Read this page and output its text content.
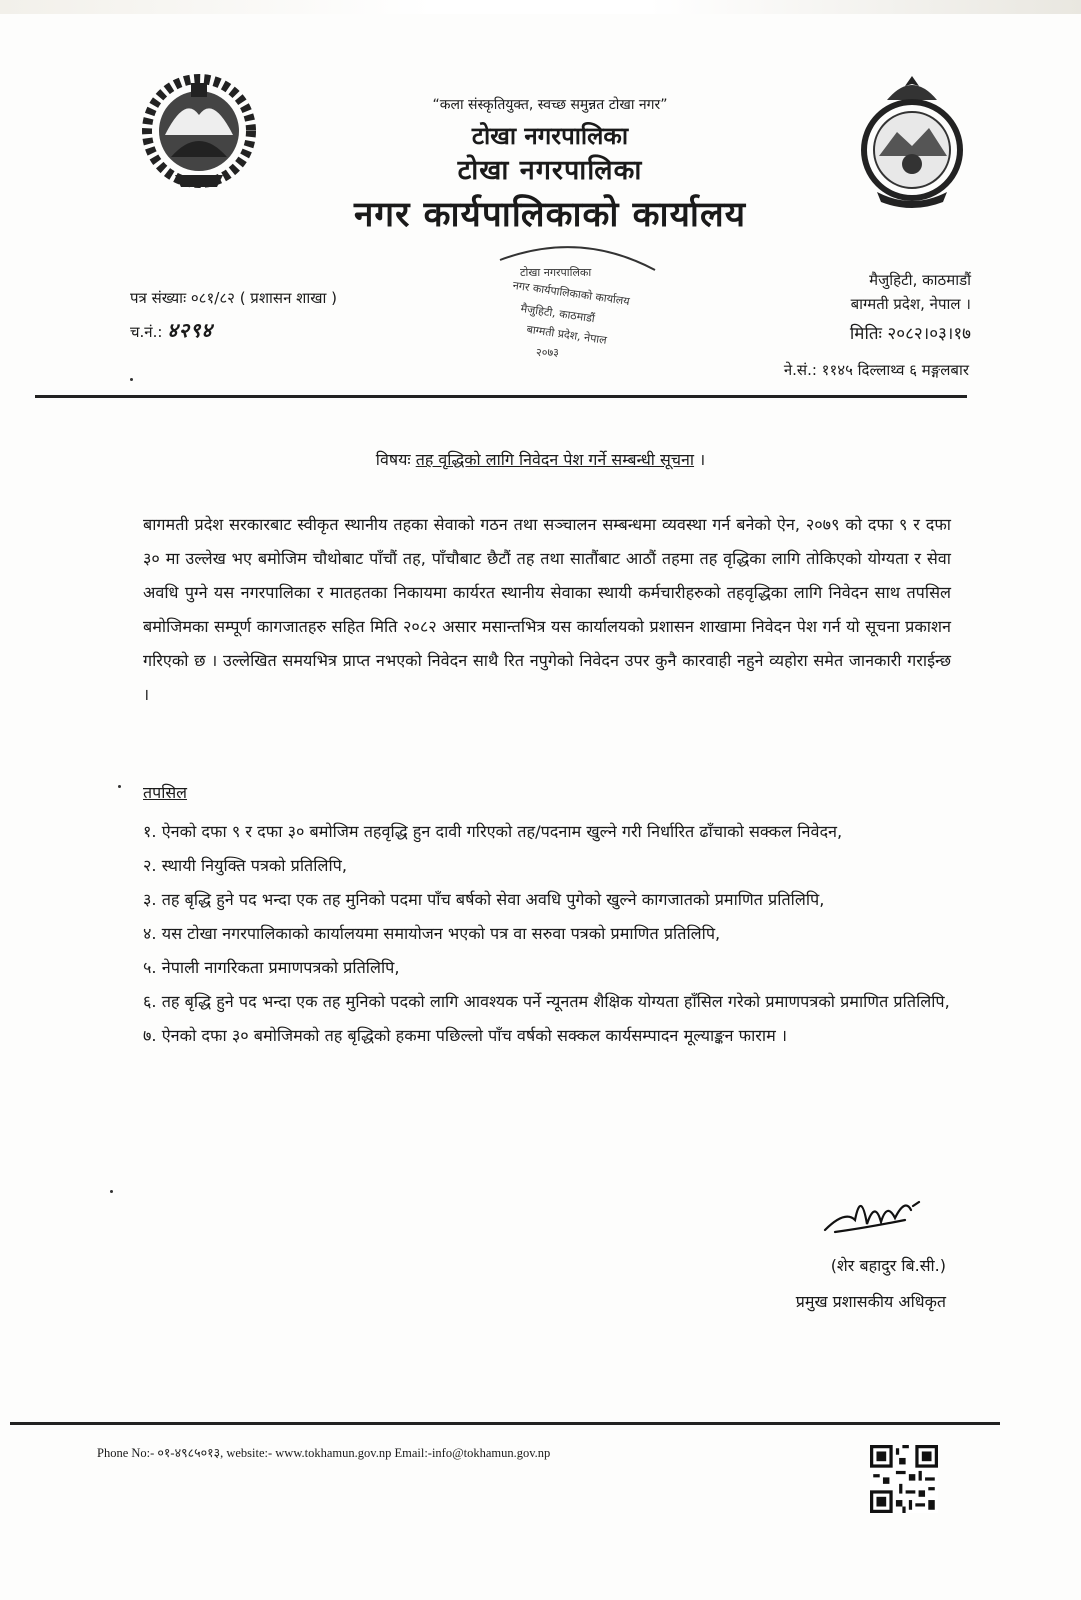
“कला संस्कृतियुक्त, स्वच्छ समुन्नत टोखा नगर”

टोखा नगरपालिका

टोखा नगरपालिका

नगर कार्यपालिकाको कार्यालय

टोखा नगरपालिका
नगर कार्यपालिकाको कार्यालय
मैजुहिटी, काठमाडौं
बाग्मती प्रदेश, नेपाल
२०७३
पत्र संख्याः ०८१/८२ ( प्रशासन शाखा )
च.नं.: ४२९४
मैजुहिटी, काठमाडौं
बाग्मती प्रदेश, नेपाल ।
मितिः २०८२।०३।१७
ने.सं.: ११४५ दिल्लाथ्व ६ मङ्गलबार
विषयः तह वृद्धिको लागि निवेदन पेश गर्ने सम्बन्धी सूचना ।

बागमती प्रदेश सरकारबाट स्वीकृत स्थानीय तहका सेवाको गठन तथा सञ्चालन सम्बन्धमा व्यवस्था गर्न बनेको ऐन, २०७९ को दफा ९ र दफा ३० मा उल्लेख भए बमोजिम चौथोबाट पाँचौं तह, पाँचौबाट छैटौं तह तथा सातौंबाट आठौं तहमा तह वृद्धिका लागि तोकिएको योग्यता र सेवा अवधि पुग्ने यस नगरपालिका र मातहतका निकायमा कार्यरत स्थानीय सेवाका स्थायी कर्मचारीहरुको तहवृद्धिका लागि निवेदन साथ तपसिल बमोजिमका सम्पूर्ण कागजातहरु सहित मिति २०८२ असार मसान्तभित्र यस कार्यालयको प्रशासन शाखामा निवेदन पेश गर्न यो सूचना प्रकाशन गरिएको छ । उल्लेखित समयभित्र प्राप्त नभएको निवेदन साथै रित नपुगेको निवेदन उपर कुनै कारवाही नहुने व्यहोरा समेत जानकारी गराईन्छ ।

तपसिल

१. ऐनको दफा ९ र दफा ३० बमोजिम तहवृद्धि हुन दावी गरिएको तह/पदनाम खुल्ने गरी निर्धारित ढाँचाको सक्कल निवेदन,

२. स्थायी नियुक्ति पत्रको प्रतिलिपि,

३. तह बृद्धि हुने पद भन्दा एक तह मुनिको पदमा पाँच बर्षको सेवा अवधि पुगेको खुल्ने कागजातको प्रमाणित प्रतिलिपि,

४. यस टोखा नगरपालिकाको कार्यालयमा समायोजन भएको पत्र वा सरुवा पत्रको प्रमाणित प्रतिलिपि,

५. नेपाली नागरिकता प्रमाणपत्रको प्रतिलिपि,

६. तह बृद्धि हुने पद भन्दा एक तह मुनिको पदको लागि आवश्यक पर्ने न्यूनतम शैक्षिक योग्यता हाँसिल गरेको प्रमाणपत्रको प्रमाणित प्रतिलिपि,

७. ऐनको दफा ३० बमोजिमको तह बृद्धिको हकमा पछिल्लो पाँच वर्षको सक्कल कार्यसम्पादन मूल्याङ्कन फाराम ।

(शेर बहादुर बि.सी.)
प्रमुख प्रशासकीय अधिकृत
Phone No:- ०१-४९८५०१३, website:- www.tokhamun.gov.np Email:-info@tokhamun.gov.np
